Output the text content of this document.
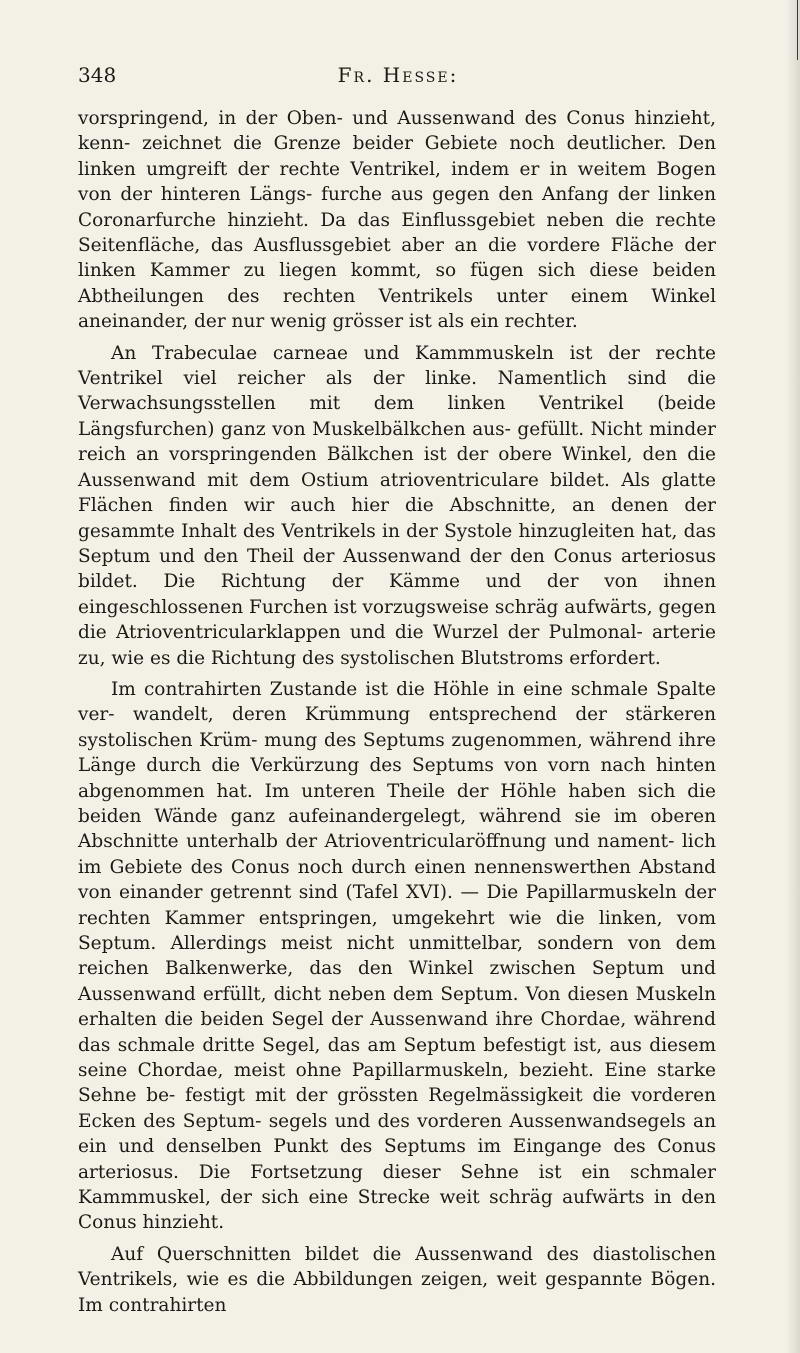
348	Fr. Hesse:

vorspringend, in der Oben- und Aussenwand des Conus hinzieht, kenn- zeichnet die Grenze beider Gebiete noch deutlicher. Den linken umgreift der rechte Ventrikel, indem er in weitem Bogen von der hinteren Längs- furche aus gegen den Anfang der linken Coronarfurche hinzieht. Da das Einflussgebiet neben die rechte Seitenfläche, das Ausflussgebiet aber an die vordere Fläche der linken Kammer zu liegen kommt, so fügen sich diese beiden Abtheilungen des rechten Ventrikels unter einem Winkel aneinander, der nur wenig grösser ist als ein rechter.

An Trabeculae carneae und Kammmuskeln ist der rechte Ventrikel viel reicher als der linke. Namentlich sind die Verwachsungsstellen mit dem linken Ventrikel (beide Längsfurchen) ganz von Muskelbälkchen aus- gefüllt. Nicht minder reich an vorspringenden Bälkchen ist der obere Winkel, den die Aussenwand mit dem Ostium atrioventriculare bildet. Als glatte Flächen finden wir auch hier die Abschnitte, an denen der gesammte Inhalt des Ventrikels in der Systole hinzugleiten hat, das Septum und den Theil der Aussenwand der den Conus arteriosus bildet. Die Richtung der Kämme und der von ihnen eingeschlossenen Furchen ist vorzugsweise schräg aufwärts, gegen die Atrioventricularklappen und die Wurzel der Pulmonal- arterie zu, wie es die Richtung des systolischen Blutstroms erfordert.

Im contrahirten Zustande ist die Höhle in eine schmale Spalte ver- wandelt, deren Krümmung entsprechend der stärkeren systolischen Krüm- mung des Septums zugenommen, während ihre Länge durch die Verkürzung des Septums von vorn nach hinten abgenommen hat. Im unteren Theile der Höhle haben sich die beiden Wände ganz aufeinandergelegt, während sie im oberen Abschnitte unterhalb der Atrioventricularöffnung und nament- lich im Gebiete des Conus noch durch einen nennenswerthen Abstand von einander getrennt sind (Tafel XVI). — Die Papillarmuskeln der rechten Kammer entspringen, umgekehrt wie die linken, vom Septum. Allerdings meist nicht unmittelbar, sondern von dem reichen Balkenwerke, das den Winkel zwischen Septum und Aussenwand erfüllt, dicht neben dem Septum. Von diesen Muskeln erhalten die beiden Segel der Aussenwand ihre Chordae, während das schmale dritte Segel, das am Septum befestigt ist, aus diesem seine Chordae, meist ohne Papillarmuskeln, bezieht. Eine starke Sehne be- festigt mit der grössten Regelmässigkeit die vorderen Ecken des Septum- segels und des vorderen Aussenwandsegels an ein und denselben Punkt des Septums im Eingange des Conus arteriosus. Die Fortsetzung dieser Sehne ist ein schmaler Kammmuskel, der sich eine Strecke weit schräg aufwärts in den Conus hinzieht.

Auf Querschnitten bildet die Aussenwand des diastolischen Ventrikels, wie es die Abbildungen zeigen, weit gespannte Bögen. Im contrahirten
